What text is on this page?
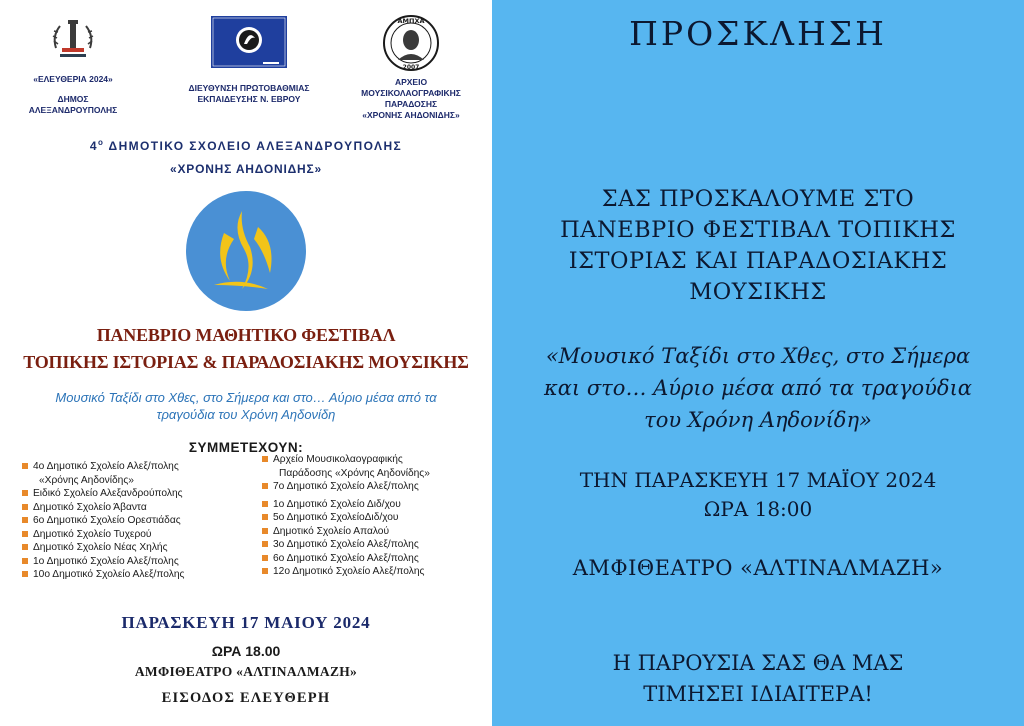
«ΕΛΕΥΘΕΡΙΑ 2024»
ΔΗΜΟΣ
ΑΛΕΞΑΝΔΡΟΥΠΟΛΗΣ
ΔΙΕΥΘΥΝΣΗ ΠΡΩΤΟΒΑΘΜΙΑΣ
ΕΚΠΑΙΔΕΥΣΗΣ Ν. ΕΒΡΟΥ
ΑΜΠΧΑ
2007
ΑΡΧΕΙΟ
ΜΟΥΣΙΚΟΛΑΟΓΡΑΦΙΚΗΣ
ΠΑΡΑΔΟΣΗΣ
«ΧΡΟΝΗΣ ΑΗΔΟΝΙΔΗΣ»
$4^o$ ΔΗΜΟΤΙΚΟ ΣΧΟΛΕΙΟ ΑΛΕΞΑΝΔΡΟΥΠΟΛΗΣ
«ΧΡΟΝΗΣ ΑΗΔΟΝΙΔΗΣ»
ΠΑΝΕΒΡΙΟ ΜΑΘΗΤΙΚΟ ΦΕΣΤΙΒΑΛ
ΤΟΠΙΚΗΣ ΙΣΤΟΡΙΑΣ & ΠΑΡΑΔΟΣΙΑΚΗΣ ΜΟΥΣΙΚΗΣ
Μουσικό Ταξίδι στο Χθες, στο Σήμερα και στο… Αύριο μέσα από τα
τραγούδια του Χρόνη Αηδονίδη
ΣΥΜΜΕΤΕΧΟΥΝ:
4ο Δημοτικό Σχολείο Αλεξ/πολης
«Χρόνης Αηδονίδης»
Ειδικό Σχολείο Αλεξανδρούπολης
Δημοτικό Σχολείο Άβαντα
6ο Δημοτικό Σχολείο Ορεστιάδας
Δημοτικό Σχολείο Τυχερού
Δημοτικό Σχολείο Νέας Χηλής
1ο Δημοτικό Σχολείο Αλεξ/πολης
10ο Δημοτικό Σχολείο Αλεξ/πολης
Αρχείο Μουσικολαογραφικής
Παράδοσης «Χρόνης Αηδονίδης»
7ο Δημοτικό Σχολείο Αλεξ/πολης
1ο Δημοτικό Σχολείο Διδ/χου
5ο Δημοτικό ΣχολείοΔιδ/χου
Δημοτικό Σχολείο Απαλού
3ο Δημοτικό Σχολείο Αλεξ/πολης
6ο Δημοτικό Σχολείο Αλεξ/πολης
12ο Δημοτικό Σχολείο Αλεξ/πολης
ΠΑΡΑΣΚΕΥΗ 17 ΜΑΙΟΥ 2024
ΩΡΑ 18.00
ΑΜΦΙΘΕΑΤΡΟ «ΑΛΤΙΝΑΛΜΑΖΗ»
ΕΙΣΟΔΟΣ ΕΛΕΥΘΕΡΗ
ΠΡΟΣΚΛΗΣΗ
ΣΑΣ ΠΡΟΣΚΑΛΟΥΜΕ ΣΤΟ
ΠΑΝΕΒΡΙΟ ΦΕΣΤΙΒΑΛ ΤΟΠΙΚΗΣ
ΙΣΤΟΡΙΑΣ ΚΑΙ ΠΑΡΑΔΟΣΙΑΚΗΣ
ΜΟΥΣΙΚΗΣ
«Μουσικό Ταξίδι στο Χθες, στο Σήμερα
και στο… Αύριο μέσα από τα τραγούδια
του Χρόνη Αηδονίδη»
ΤΗΝ ΠΑΡΑΣΚΕΥΗ 17 ΜΑΪΟΥ 2024
ΩΡΑ 18:00
ΑΜΦΙΘΕΑΤΡΟ «ΑΛΤΙΝΑΛΜΑΖΗ»
Η ΠΑΡΟΥΣΙΑ ΣΑΣ ΘΑ ΜΑΣ
ΤΙΜΗΣΕΙ ΙΔΙΑΙΤΕΡΑ!
